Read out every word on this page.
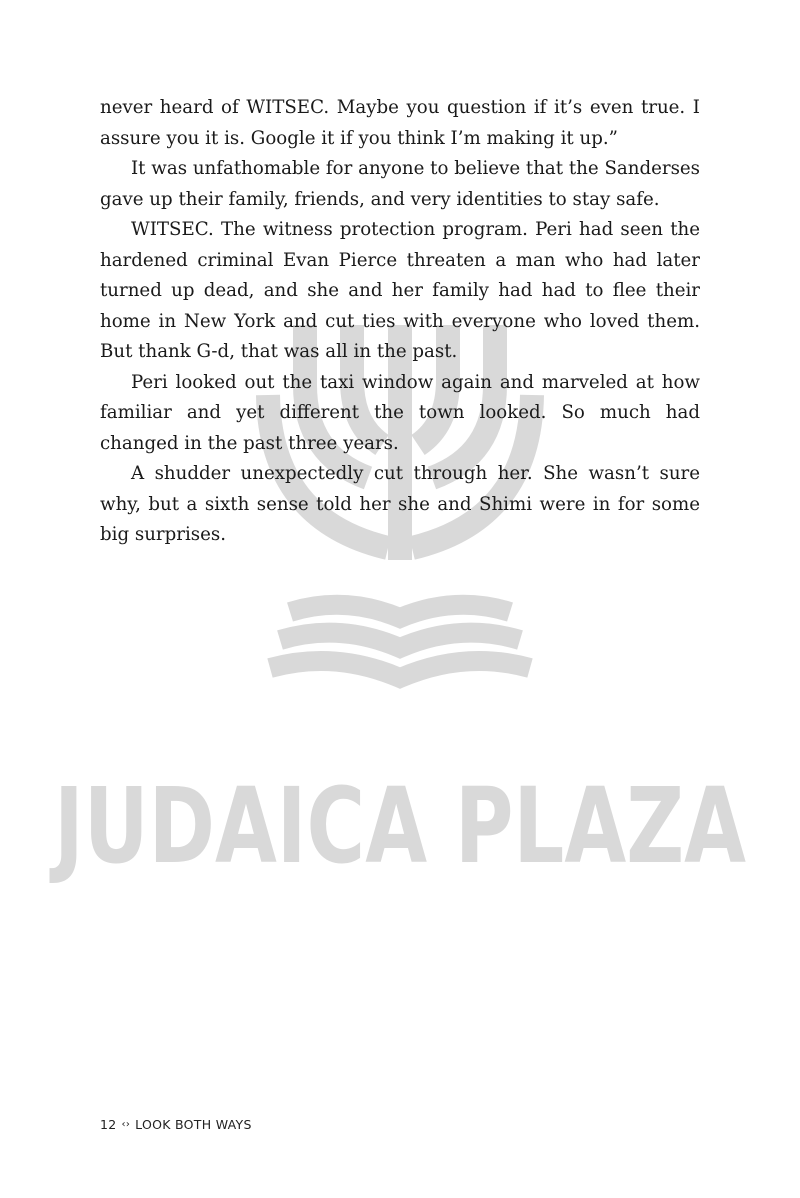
JUDAICA PLAZA

never heard of WITSEC. Maybe you question if it’s even true. I assure you it is. Google it if you think I’m making it up.”

It was unfathomable for anyone to believe that the Sanderses gave up their family, friends, and very identities to stay safe.

WITSEC. The witness protection program. Peri had seen the hardened criminal Evan Pierce threaten a man who had later turned up dead, and she and her family had had to flee their home in New York and cut ties with everyone who loved them. But thank G-d, that was all in the past.

Peri looked out the taxi window again and marveled at how familiar and yet different the town looked. So much had changed in the past three years.

A shudder unexpectedly cut through her. She wasn’t sure why, but a sixth sense told her she and Shimi were in for some big surprises.

12 ‹› LOOK BOTH WAYS
